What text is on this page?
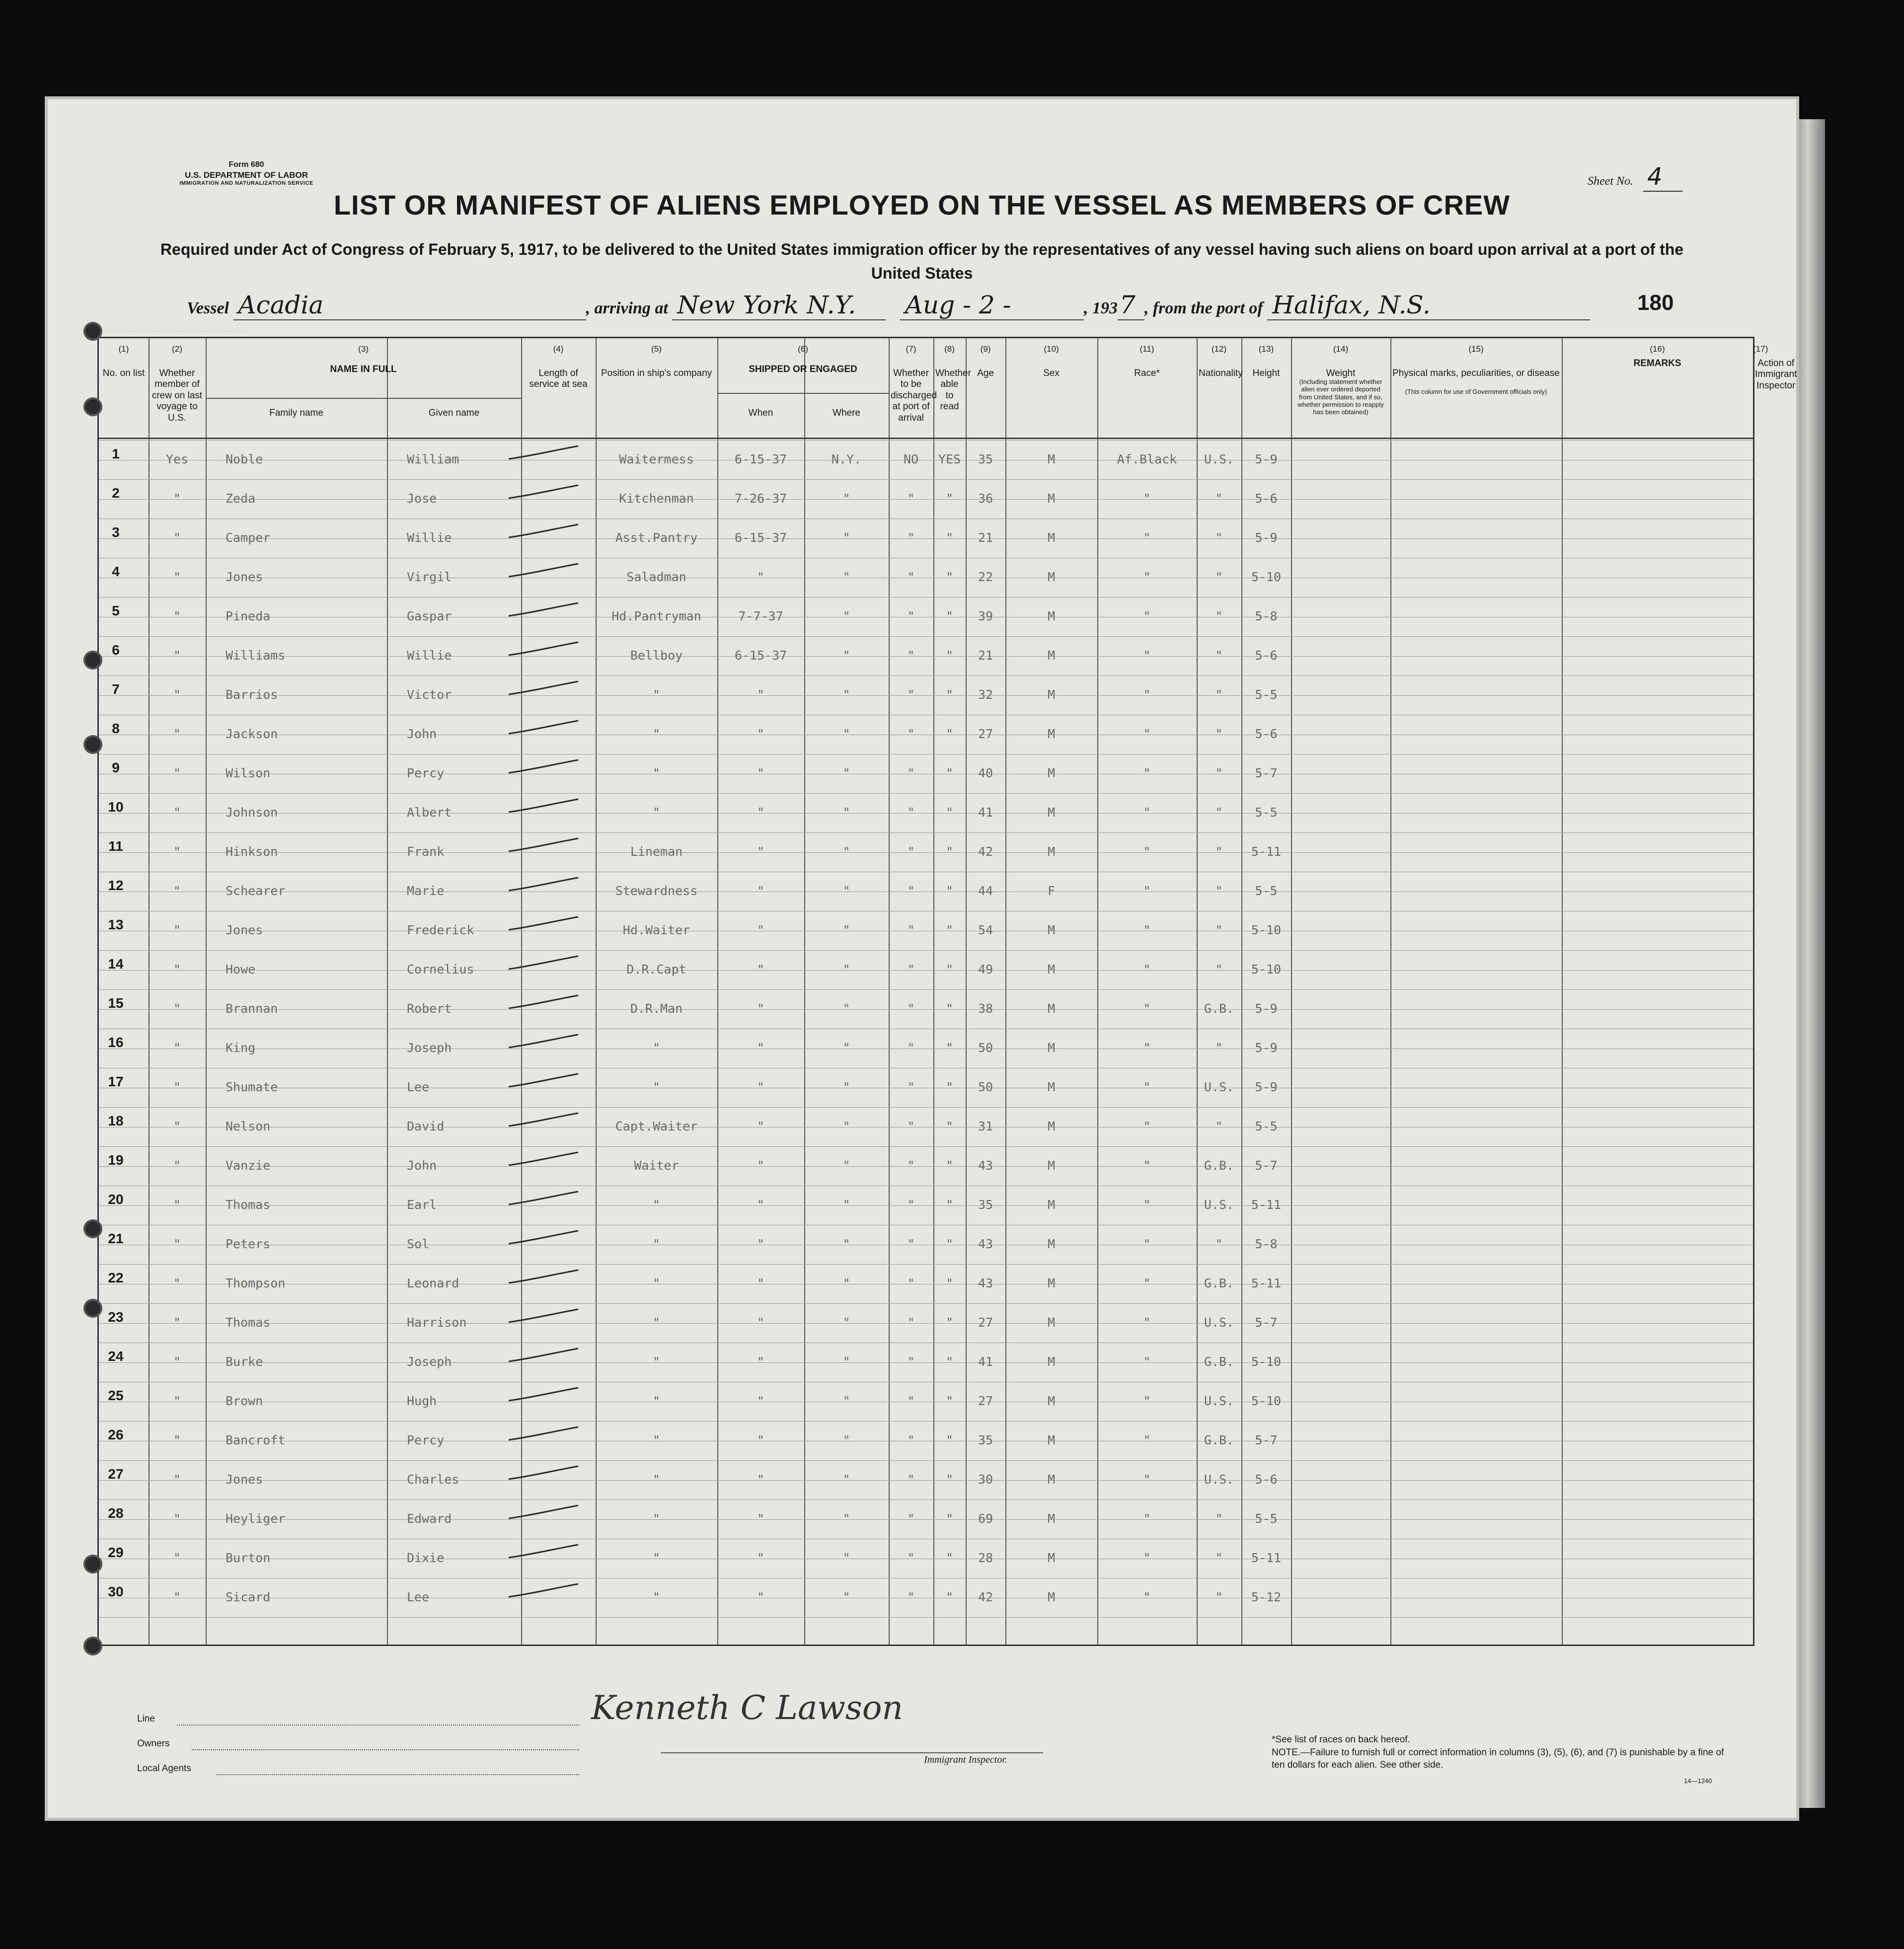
Form 680
U.S. DEPARTMENT OF LABOR
IMMIGRATION AND NATURALIZATION SERVICE	Sheet No. 4
LIST OR MANIFEST OF ALIENS EMPLOYED ON THE VESSEL AS MEMBERS OF CREW
Required under Act of Congress of February 5, 1917, to be delivered to the United States immigration officer by the representatives of any vessel having such aliens on board upon arrival at a port of the United States
Vessel Acadia	, arriving at New York N.Y. Aug - 2 -	, 1937 , from the port of Halifax, N.S.	180
· · · · · · · · · · · · · · · · · · · · · · · · · · · · · · · · · · · · · · · ·
(1)
No. on list
(2)
Whether member of crew on last voyage to U.S.
(3)
NAME IN FULL
(4)
Length of service at sea
(5)
Position in ship's company
(6)
SHIPPED OR ENGAGED
(7)
Whether to be discharged at port of arrival
(8)
Whether able to read
(9)
Age
(10)
Sex
(11)
Race*
(12)
Nationality
(13)
Height
(14)
Weight
(15)
Physical marks, peculiarities, or disease
(16)
REMARKS
(17)
Action of Immigrant Inspector
Family name	Given name	When	Where
(Including statement whether alien ever ordered deported from United States, and if so, whether permission to reapply has been obtained)
(This column for use of Government officials only)
1	Yes	Noble	William	Waitermess	6-15-37	N.Y.	NO	YES	35	M	Af.Black	U.S.	5-9
2	"	Zeda	Jose	Kitchenman	7-26-37	"	"	"	36	M	"	"	5-6
3	"	Camper	Willie	Asst.Pantry	6-15-37	"	"	"	21	M	"	"	5-9
4	"	Jones	Virgil	Saladman	"	"	"	"	22	M	"	"	5-10
5	"	Pineda	Gaspar	Hd.Pantryman	7-7-37	"	"	"	39	M	"	"	5-8
6	"	Williams	Willie	Bellboy	6-15-37	"	"	"	21	M	"	"	5-6
7	"	Barrios	Victor	"	"	"	"	"	32	M	"	"	5-5
8	"	Jackson	John	"	"	"	"	"	27	M	"	"	5-6
9	"	Wilson	Percy	"	"	"	"	"	40	M	"	"	5-7
10	"	Johnson	Albert	"	"	"	"	"	41	M	"	"	5-5
11	"	Hinkson	Frank	Lineman	"	"	"	"	42	M	"	"	5-11
12	"	Schearer	Marie	Stewardness	"	"	"	"	44	F	"	"	5-5
13	"	Jones	Frederick	Hd.Waiter	"	"	"	"	54	M	"	"	5-10
14	"	Howe	Cornelius	D.R.Capt	"	"	"	"	49	M	"	"	5-10
15	"	Brannan	Robert	D.R.Man	"	"	"	"	38	M	"	G.B.	5-9
16	"	King	Joseph	"	"	"	"	"	50	M	"	"	5-9
17	"	Shumate	Lee	"	"	"	"	"	50	M	"	U.S.	5-9
18	"	Nelson	David	Capt.Waiter	"	"	"	"	31	M	"	"	5-5
19	"	Vanzie	John	Waiter	"	"	"	"	43	M	"	G.B.	5-7
20	"	Thomas	Earl	"	"	"	"	"	35	M	"	U.S.	5-11
21	"	Peters	Sol	"	"	"	"	"	43	M	"	"	5-8
22	"	Thompson	Leonard	"	"	"	"	"	43	M	"	G.B.	5-11
23	"	Thomas	Harrison	"	"	"	"	"	27	M	"	U.S.	5-7
24	"	Burke	Joseph	"	"	"	"	"	41	M	"	G.B.	5-10
25	"	Brown	Hugh	"	"	"	"	"	27	M	"	U.S.	5-10
26	"	Bancroft	Percy	"	"	"	"	"	35	M	"	G.B.	5-7
27	"	Jones	Charles	"	"	"	"	"	30	M	"	U.S.	5-6
28	"	Heyliger	Edward	"	"	"	"	"	69	M	"	"	5-5
29	"	Burton	Dixie	"	"	"	"	"	28	M	"	"	5-11
30	"	Sicard	Lee	"	"	"	"	"	42	M	"	"	5-12
Line
Owners
Local Agents
Kenneth C Lawson
Immigrant Inspector.
*See list of races on back hereof.
NOTE.—Failure to furnish full or correct information in columns (3), (5), (6), and (7) is punishable by a fine of ten dollars for each alien. See other side.
14—1240
